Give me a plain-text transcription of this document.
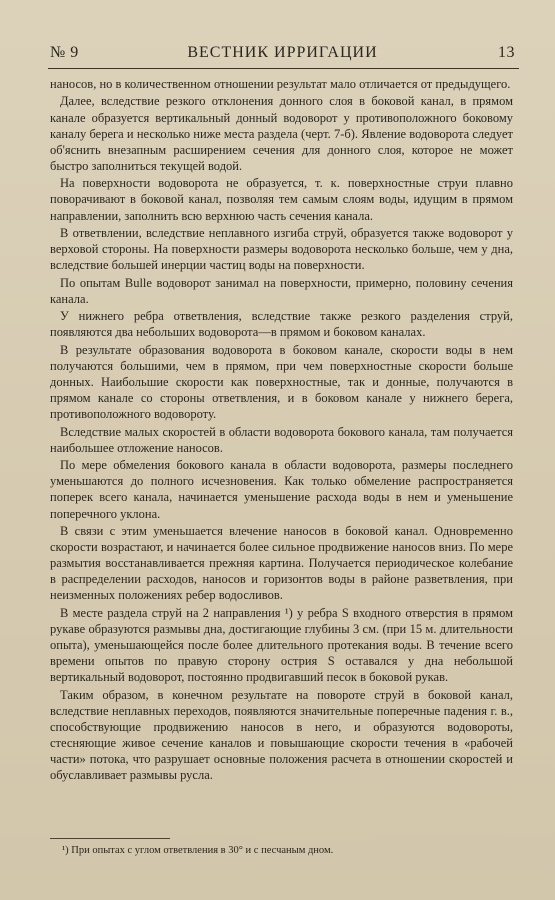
№ 9	ВЕСТНИК ИРРИГАЦИИ	13

наносов, но в количественном отношении результат мало отличается от предыдущего.

Далее, вследствие резкого отклонения донного слоя в боковой канал, в прямом канале образуется вертикальный донный водоворот у противоположного боковому каналу берега и несколько ниже места раздела (черт. 7-б). Явление водоворота следует об'яснить внезапным расширением сечения для донного слоя, которое не может быстро заполниться текущей водой.

На поверхности водоворота не образуется, т. к. поверхностные струи плавно поворачивают в боковой канал, позволяя тем самым слоям воды, идущим в прямом направлении, заполнить всю верхнюю часть сечения канала.

В ответвлении, вследствие неплавного изгиба струй, образуется также водоворот у верховой стороны. На поверхности размеры водоворота несколько больше, чем у дна, вследствие большей инерции частиц воды на поверхности.

По опытам Bulle водоворот занимал на поверхности, примерно, половину сечения канала.

У нижнего ребра ответвления, вследствие также резкого разделения струй, появляются два небольших водоворота—в прямом и боковом каналах.

В результате образования водоворота в боковом канале, скорости воды в нем получаются большими, чем в прямом, при чем поверхностные скорости больше донных. Наибольшие скорости как поверхностные, так и донные, получаются в прямом канале со стороны ответвления, и в боковом канале у нижнего берега, противоположного водовороту.

Вследствие малых скоростей в области водоворота бокового канала, там получается наибольшее отложение наносов.

По мере обмеления бокового канала в области водоворота, размеры последнего уменьшаются до полного исчезновения. Как только обмеление распространяется поперек всего канала, начинается уменьшение расхода воды в нем и уменьшение поперечного уклона.

В связи с этим уменьшается влечение наносов в боковой канал. Одновременно скорости возрастают, и начинается более сильное продвижение наносов вниз. По мере размытия восстанавливается прежняя картина. Получается периодическое колебание в распределении расходов, наносов и горизонтов воды в районе разветвления, при неизменных положениях ребер водосливов.

В месте раздела струй на 2 направления ¹) у ребра S входного отверстия в прямом рукаве образуются размывы дна, достигающие глубины 3 см. (при 15 м. длительности опыта), уменьшающейся после более длительного протекания воды. В течение всего времени опытов по правую сторону острия S оставался у дна небольшой вертикальный водоворот, постоянно продвигавший песок в боковой рукав.

Таким образом, в конечном результате на повороте струй в боковой канал, вследствие неплавных переходов, появляются значительные поперечные падения г. в., способствующие продвижению наносов в него, и образуются водовороты, стесняющие живое сечение каналов и повышающие скорости течения в «рабочей части» потока, что разрушает основные положения расчета в отношении скоростей и обуславливает размывы русла.

¹) При опытах с углом ответвления в 30° и с песчаным дном.
